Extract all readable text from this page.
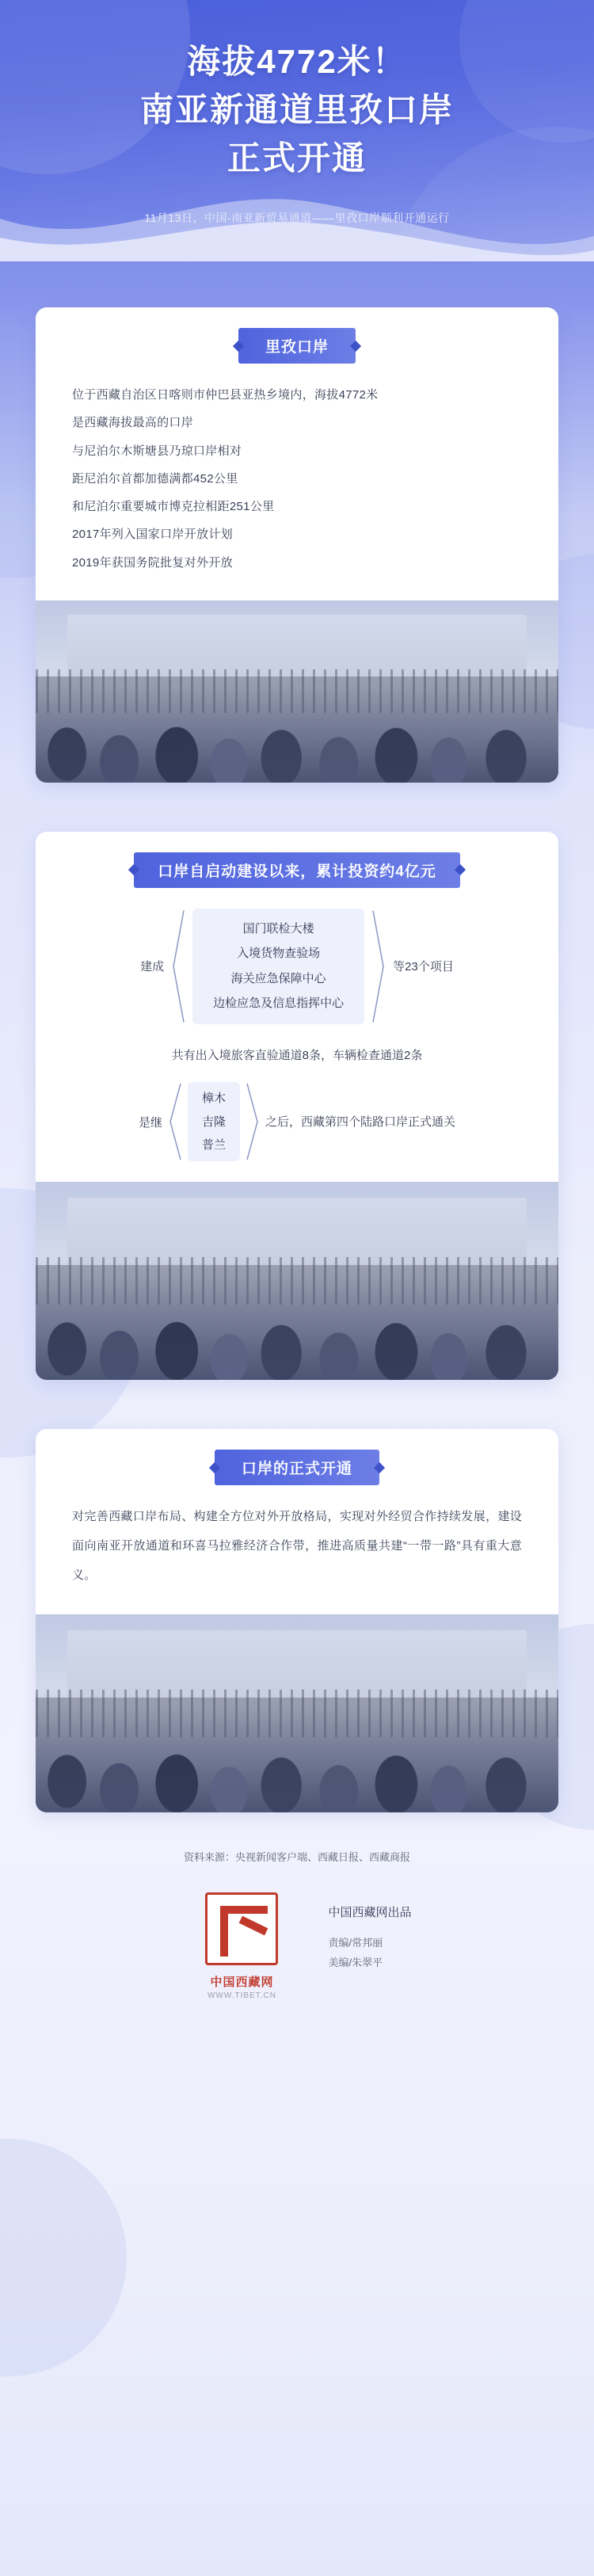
海拔4772米！
南亚新通道里孜口岸
正式开通
11月13日，中国-南亚新贸易通道——里孜口岸顺利开通运行
里孜口岸
位于西藏自治区日喀则市仲巴县亚热乡境内，海拔4772米
是西藏海拔最高的口岸
与尼泊尔木斯塘县乃琼口岸相对
距尼泊尔首都加德满都452公里
和尼泊尔重要城市博克拉相距251公里
2017年列入国家口岸开放计划
2019年获国务院批复对外开放
口岸自启动建设以来，累计投资约4亿元
建成
国门联检大楼
入境货物查验场
海关应急保障中心
边检应急及信息指挥中心
等23个项目
共有出入境旅客直验通道8条，车辆检查通道2条
是继
樟木
吉隆
普兰
之后，西藏第四个陆路口岸正式通关
口岸的正式开通
对完善西藏口岸布局、构建全方位对外开放格局，实现对外经贸合作持续发展，建设面向南亚开放通道和环喜马拉雅经济合作带，推进高质量共建“一带一路”具有重大意义。
资料来源：央视新闻客户端、西藏日报、西藏商报
中国西藏网
WWW.TIBET.CN
中国西藏网出品
责编/常邦丽
美编/朱翠平
